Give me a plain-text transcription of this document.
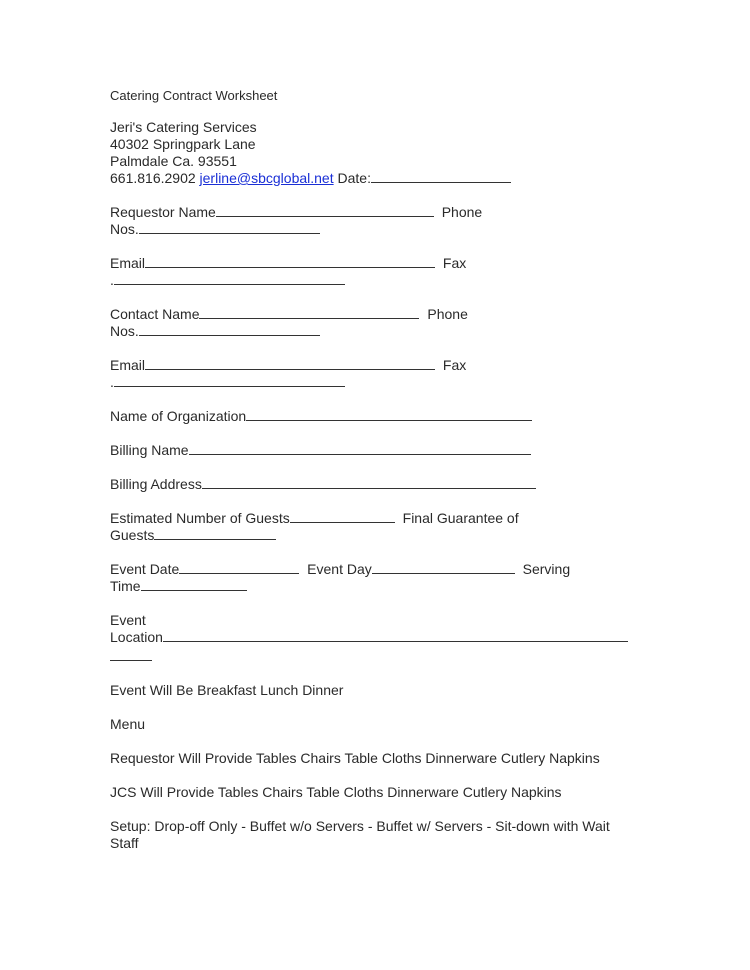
Catering Contract Worksheet
Jeri's Catering Services
40302 Springpark Lane
Palmdale Ca. 93551
661.816.2902 jerline@sbcglobal.net Date:
Requestor Name	Phone
Nos.
Email	Fax
.
Contact Name	Phone
Nos.
Email	Fax
.
Name of Organization
Billing Name
Billing Address
Estimated Number of Guests	Final Guarantee of
Guests
Event Date	Event Day	Serving
Time
Event
Location
Event Will Be Breakfast Lunch Dinner
Menu
Requestor Will Provide Tables Chairs Table Cloths Dinnerware Cutlery Napkins
JCS Will Provide Tables Chairs Table Cloths Dinnerware Cutlery Napkins
Setup: Drop-off Only - Buffet w/o Servers - Buffet w/ Servers - Sit-down with Wait
Staff
